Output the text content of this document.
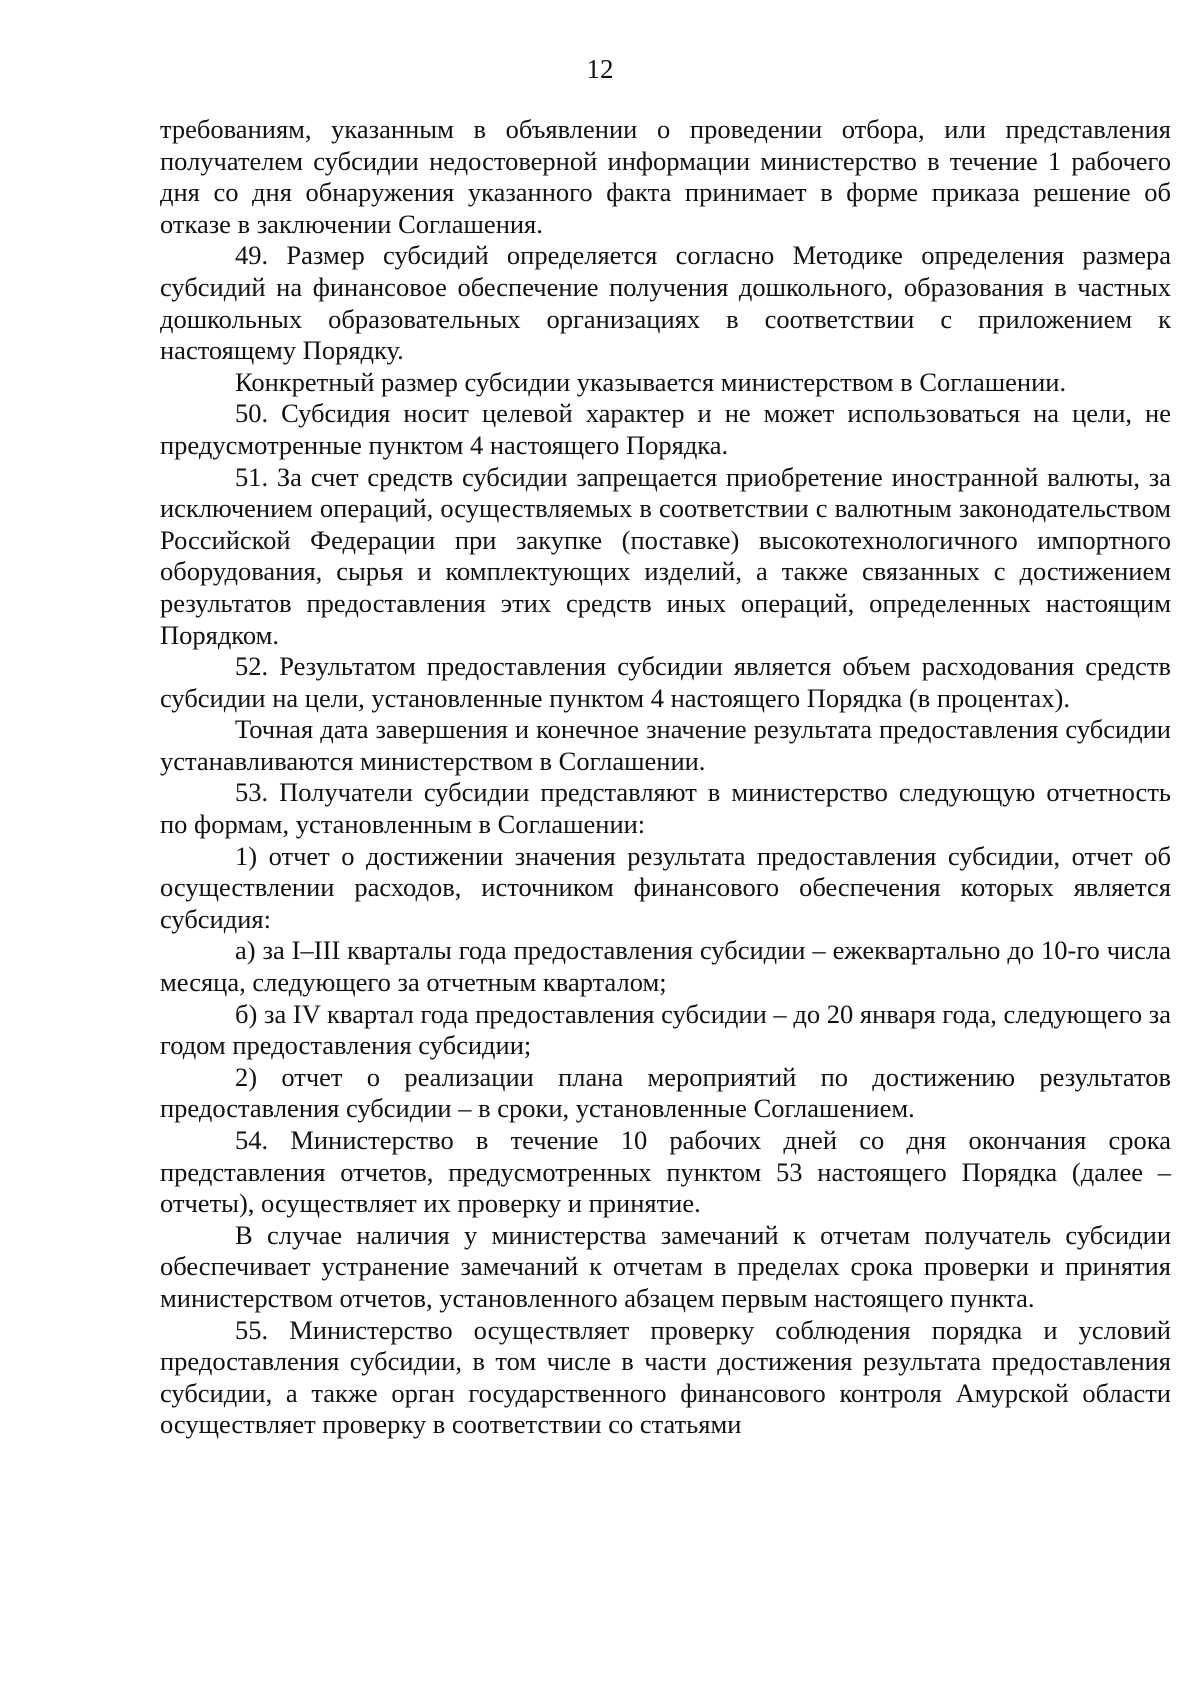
12

требованиям, указанным в объявлении о проведении отбора, или представления получателем субсидии недостоверной информации министерство в течение 1 рабочего дня со дня обнаружения указанного факта принимает в форме приказа решение об отказе в заключении Соглашения.

49. Размер субсидий определяется согласно Методике определения размера субсидий на финансовое обеспечение получения дошкольного, образования в частных дошкольных образовательных организациях в соответствии с приложением к настоящему Порядку.

Конкретный размер субсидии указывается министерством в Соглашении.

50. Субсидия носит целевой характер и не может использоваться на цели, не предусмотренные пунктом 4 настоящего Порядка.

51. За счет средств субсидии запрещается приобретение иностранной валюты, за исключением операций, осуществляемых в соответствии с валютным законодательством Российской Федерации при закупке (поставке) высокотехнологичного импортного оборудования, сырья и комплектующих изделий, а также связанных с достижением результатов предоставления этих средств иных операций, определенных настоящим Порядком.

52. Результатом предоставления субсидии является объем расходования средств субсидии на цели, установленные пунктом 4 настоящего Порядка (в процентах).

Точная дата завершения и конечное значение результата предоставления субсидии устанавливаются министерством в Соглашении.

53. Получатели субсидии представляют в министерство следующую отчетность по формам, установленным в Соглашении:

1) отчет о достижении значения результата предоставления субсидии, отчет об осуществлении расходов, источником финансового обеспечения которых является субсидия:

а) за I–III кварталы года предоставления субсидии – ежеквартально до 10-го числа месяца, следующего за отчетным кварталом;

б) за IV квартал года предоставления субсидии – до 20 января года, следующего за годом предоставления субсидии;

2) отчет о реализации плана мероприятий по достижению результатов предоставления субсидии – в сроки, установленные Соглашением.

54. Министерство в течение 10 рабочих дней со дня окончания срока представления отчетов, предусмотренных пунктом 53 настоящего Порядка (далее – отчеты), осуществляет их проверку и принятие.

В случае наличия у министерства замечаний к отчетам получатель субсидии обеспечивает устранение замечаний к отчетам в пределах срока проверки и принятия министерством отчетов, установленного абзацем первым настоящего пункта.

55. Министерство осуществляет проверку соблюдения порядка и условий предоставления субсидии, в том числе в части достижения результата предоставления субсидии, а также орган государственного финансового контроля Амурской области осуществляет проверку в соответствии со статьями
